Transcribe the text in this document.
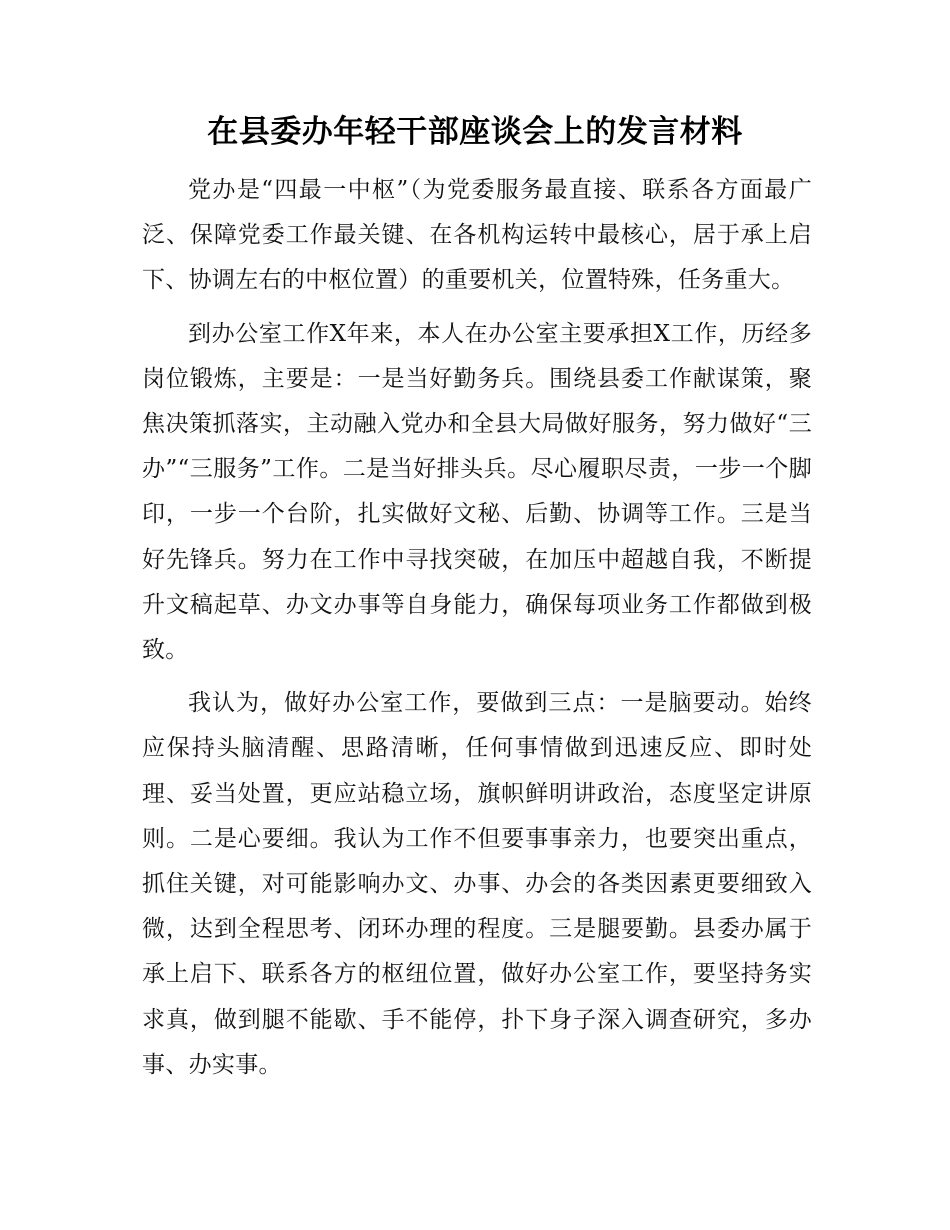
在县委办年轻干部座谈会上的发言材料

党办是“四最一中枢”（为党委服务最直接、联系各方面最广泛、保障党委工作最关键、在各机构运转中最核心，居于承上启下、协调左右的中枢位置）的重要机关，位置特殊，任务重大。

到办公室工作X年来，本人在办公室主要承担X工作，历经多岗位锻炼，主要是：一是当好勤务兵。围绕县委工作献谋策，聚焦决策抓落实，主动融入党办和全县大局做好服务，努力做好“三办”“三服务”工作。二是当好排头兵。尽心履职尽责，一步一个脚印，一步一个台阶，扎实做好文秘、后勤、协调等工作。三是当好先锋兵。努力在工作中寻找突破，在加压中超越自我，不断提升文稿起草、办文办事等自身能力，确保每项业务工作都做到极致。

我认为，做好办公室工作，要做到三点：一是脑要动。始终应保持头脑清醒、思路清晰，任何事情做到迅速反应、即时处理、妥当处置，更应站稳立场，旗帜鲜明讲政治，态度坚定讲原则。二是心要细。我认为工作不但要事事亲力，也要突出重点，抓住关键，对可能影响办文、办事、办会的各类因素更要细致入微，达到全程思考、闭环办理的程度。三是腿要勤。县委办属于承上启下、联系各方的枢纽位置，做好办公室工作，要坚持务实求真，做到腿不能歇、手不能停，扑下身子深入调查研究，多办事、办实事。
